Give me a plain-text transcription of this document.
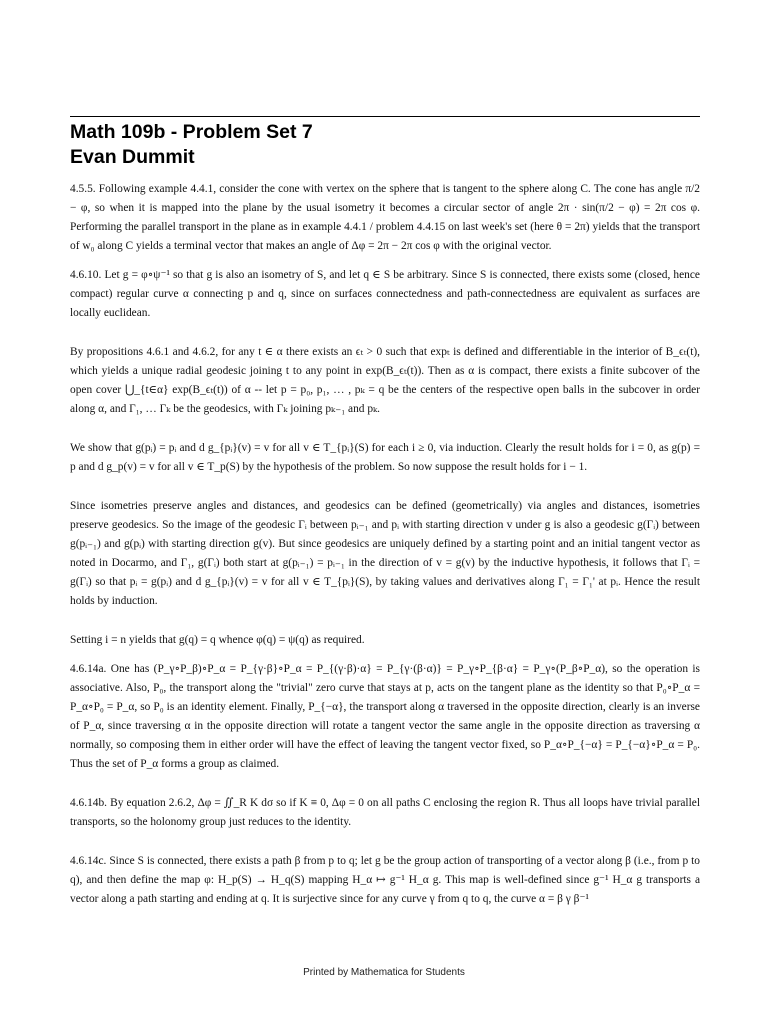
Math 109b - Problem Set 7
Evan Dummit

4.5.5. Following example 4.4.1, consider the cone with vertex on the sphere that is tangent to the sphere along C. The cone has angle π/2 − φ, so when it is mapped into the plane by the usual isometry it becomes a circular sector of angle 2π · sin(π/2 − φ) = 2π cos φ. Performing the parallel transport in the plane as in example 4.4.1 / problem 4.4.15 on last week's set (here θ = 2π) yields that the transport of w₀ along C yields a terminal vector that makes an angle of Δφ = 2π − 2π cos φ with the original vector.

4.6.10. Let g = φ∘ψ⁻¹ so that g is also an isometry of S, and let q ∈ S be arbitrary. Since S is connected, there exists some (closed, hence compact) regular curve α connecting p and q, since on surfaces connectedness and path-connectedness are equivalent as surfaces are locally euclidean.

By propositions 4.6.1 and 4.6.2, for any t ∈ α there exists an ϵₜ > 0 such that expₜ is defined and differentiable in the interior of B_ϵₜ(t), which yields a unique radial geodesic joining t to any point in exp(B_ϵₜ(t)). Then as α is compact, there exists a finite subcover of the open cover ⋃_{t∈α} exp(B_ϵₜ(t)) of α -- let p = p₀, p₁, … , pₖ = q be the centers of the respective open balls in the subcover in order along α, and Γ₁, … Γₖ be the geodesics, with Γₖ joining pₖ₋₁ and pₖ.

We show that g(pᵢ) = pᵢ and d g_{pᵢ}(v) = v for all v ∈ T_{pᵢ}(S) for each i ≥ 0, via induction. Clearly the result holds for i = 0, as g(p) = p and d g_p(v) = v for all v ∈ T_p(S) by the hypothesis of the problem. So now suppose the result holds for i − 1.

Since isometries preserve angles and distances, and geodesics can be defined (geometrically) via angles and distances, isometries preserve geodesics. So the image of the geodesic Γᵢ between pᵢ₋₁ and pᵢ with starting direction v under g is also a geodesic g(Γᵢ) between g(pᵢ₋₁) and g(pᵢ) with starting direction g(v). But since geodesics are uniquely defined by a starting point and an initial tangent vector as noted in Docarmo, and Γ₁, g(Γᵢ) both start at g(pᵢ₋₁) = pᵢ₋₁ in the direction of v = g(v) by the inductive hypothesis, it follows that Γᵢ = g(Γᵢ) so that pᵢ = g(pᵢ) and d g_{pᵢ}(v) = v for all v ∈ T_{pᵢ}(S), by taking values and derivatives along Γ₁ = Γ₁' at pᵢ. Hence the result holds by induction.

Setting i = n yields that g(q) = q whence φ(q) = ψ(q) as required.

4.6.14a. One has (P_γ∘P_β)∘P_α = P_{γ·β}∘P_α = P_{(γ·β)·α} = P_{γ·(β·α)} = P_γ∘P_{β·α} = P_γ∘(P_β∘P_α), so the operation is associative. Also, P₀, the transport along the "trivial" zero curve that stays at p, acts on the tangent plane as the identity so that P₀∘P_α = P_α∘P₀ = P_α, so P₀ is an identity element. Finally, P_{−α}, the transport along α traversed in the opposite direction, clearly is an inverse of P_α, since traversing α in the opposite direction will rotate a tangent vector the same angle in the opposite direction as traversing α normally, so composing them in either order will have the effect of leaving the tangent vector fixed, so P_α∘P_{−α} = P_{−α}∘P_α = P₀. Thus the set of P_α forms a group as claimed.

4.6.14b. By equation 2.6.2, Δφ = ∬_R K dσ so if K ≡ 0, Δφ = 0 on all paths C enclosing the region R. Thus all loops have trivial parallel transports, so the holonomy group just reduces to the identity.

4.6.14c. Since S is connected, there exists a path β from p to q; let g be the group action of transporting of a vector along β (i.e., from p to q), and then define the map φ: H_p(S) → H_q(S) mapping H_α ↦ g⁻¹ H_α g. This map is well-defined since g⁻¹ H_α g transports a vector along a path starting and ending at q. It is surjective since for any curve γ from q to q, the curve α = β γ β⁻¹

Printed by Mathematica for Students
